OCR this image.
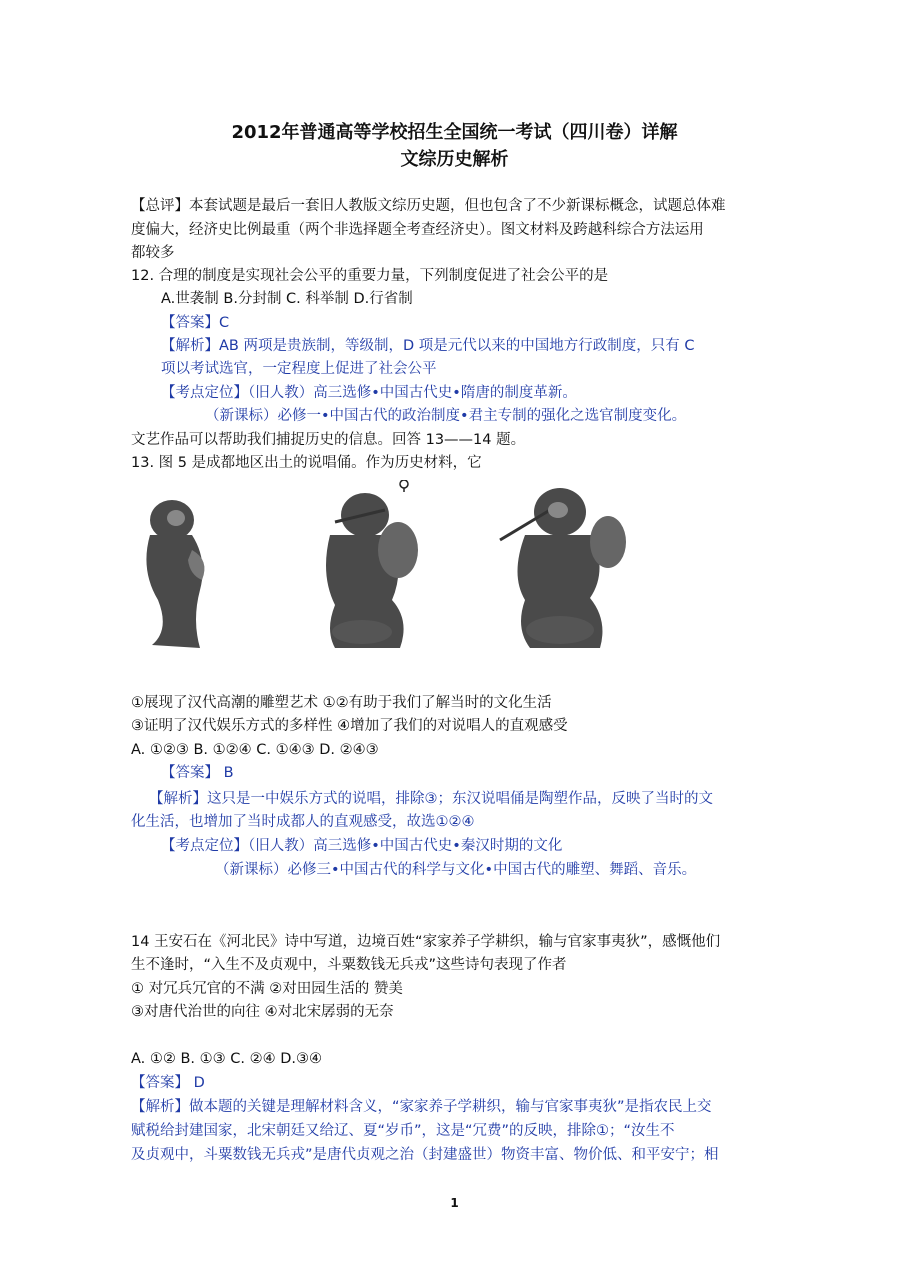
2012年普通高等学校招生全国统一考试（四川卷）详解
文综历史解析
【总评】本套试题是最后一套旧人教版文综历史题，但也包含了不少新课标概念，试题总体难
度偏大，经济史比例最重（两个非选择题全考查经济史）。图文材料及跨越科综合方法运用
都较多
12. 合理的制度是实现社会公平的重要力量，下列制度促进了社会公平的是
A.世袭制 B.分封制 C. 科举制 D.行省制
【答案】C
【解析】AB 两项是贵族制，等级制，D 项是元代以来的中国地方行政制度，只有 C
项以考试选官，一定程度上促进了社会公平
【考点定位】（旧人教）高三选修•中国古代史•隋唐的制度革新。
（新课标）必修一•中国古代的政治制度•君主专制的强化之选官制度变化。
文艺作品可以帮助我们捕捉历史的信息。回答 13——14 题。
13. 图 5 是成都地区出土的说唱俑。作为历史材料，它
①展现了汉代高潮的雕塑艺术 ①②有助于我们了解当时的文化生活
③证明了汉代娱乐方式的多样性 ④增加了我们的对说唱人的直观感受
A. ①②③ B. ①②④ C. ①④③ D. ②④③
【答案】 B
【解析】这只是一中娱乐方式的说唱，排除③；东汉说唱俑是陶塑作品，反映了当时的文
化生活，也增加了当时成都人的直观感受，故选①②④
【考点定位】（旧人教）高三选修•中国古代史•秦汉时期的文化
（新课标）必修三•中国古代的科学与文化•中国古代的雕塑、舞蹈、音乐。
14 王安石在《河北民》诗中写道，边境百姓“家家养子学耕织，输与官家事夷狄”，感慨他们
生不逢时，“入生不及贞观中，斗粟数钱无兵戎”这些诗句表现了作者
① 对冗兵冗官的不满 ②对田园生活的 赞美
③对唐代治世的向往 ④对北宋孱弱的无奈
A. ①② B. ①③ C. ②④ D.③④
【答案】 D
【解析】做本题的关键是理解材料含义，“家家养子学耕织，输与官家事夷狄”是指农民上交
赋税给封建国家，北宋朝廷又给辽、夏“岁币”，这是“冗费”的反映，排除①；“汝生不
及贞观中，斗粟数钱无兵戎”是唐代贞观之治（封建盛世）物资丰富、物价低、和平安宁；相
1
